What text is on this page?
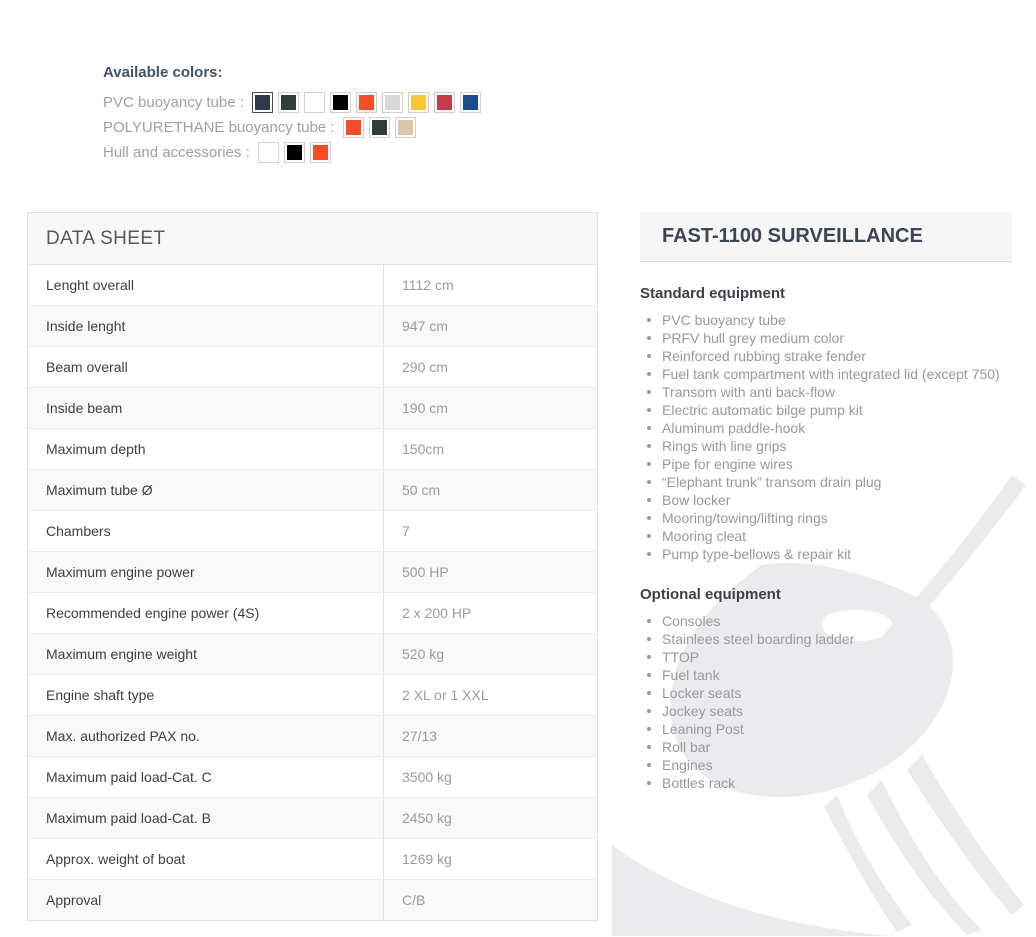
Available colors:
PVC buoyancy tube :
POLYURETHANE buoyancy tube :
Hull and accessories :
DATA SHEET
Lenght overall	1112 cm
Inside lenght	947 cm
Beam overall	290 cm
Inside beam	190 cm
Maximum depth	150cm
Maximum tube Ø	50 cm
Chambers	7
Maximum engine power	500 HP
Recommended engine power (4S)	2 x 200 HP
Maximum engine weight	520 kg
Engine shaft type	2 XL or 1 XXL
Max. authorized PAX no.	27/13
Maximum paid load-Cat. C	3500 kg
Maximum paid load-Cat. B	2450 kg
Approx. weight of boat	1269 kg
Approval	C/B
FAST-1100 SURVEILLANCE
Standard equipment
PVC buoyancy tube
PRFV hull grey medium color
Reinforced rubbing strake fender
Fuel tank compartment with integrated lid (except 750)
Transom with anti back-flow
Electric automatic bilge pump kit
Aluminum paddle-hook
Rings with line grips
Pipe for engine wires
“Elephant trunk” transom drain plug
Bow locker
Mooring/towing/lifting rings
Mooring cleat
Pump type-bellows & repair kit
Optional equipment
Consoles
Stainlees steel boarding ladder
TTOP
Fuel tank
Locker seats
Jockey seats
Leaning Post
Roll bar
Engines
Bottles rack
